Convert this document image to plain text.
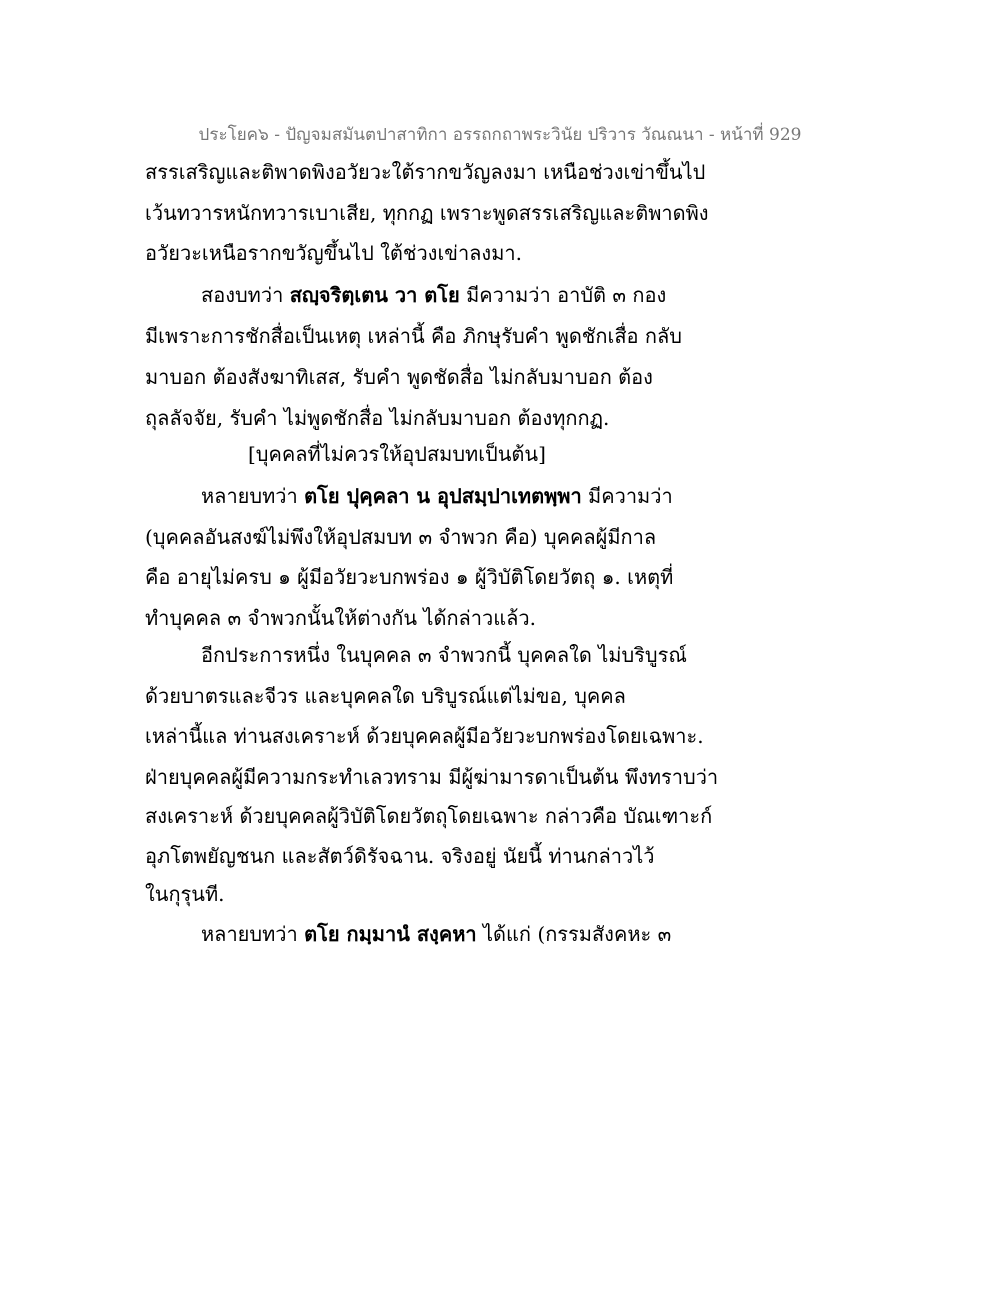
ประโยค๖ - ปัญจมสมันตปาสาทิกา อรรถกถาพระวินัย ปริวาร วัณณนา - หน้าที่ 929
สรรเสริญและติพาดพิงอวัยวะใต้รากขวัญลงมา เหนือช่วงเข่าขึ้นไป
เว้นทวารหนักทวารเบาเสีย, ทุกกฏ เพราะพูดสรรเสริญและติพาดพิง
อวัยวะเหนือรากขวัญขึ้นไป ใต้ช่วงเข่าลงมา.
สองบทว่า สญฺจริตฺเตน วา ตโย มีความว่า อาบัติ ๓ กอง
มีเพราะการชักสื่อเป็นเหตุ เหล่านี้ คือ ภิกษุรับคำ พูดชักเสื่อ กลับ
มาบอก ต้องสังฆาทิเสส, รับคำ พูดชัดสื่อ ไม่กลับมาบอก ต้อง
ถุลลัจจัย, รับคำ ไม่พูดชักสื่อ ไม่กลับมาบอก ต้องทุกกฏ.
[บุคคลที่ไม่ควรให้อุปสมบทเป็นต้น]
หลายบทว่า ตโย ปุคฺคลา น อุปสมฺปาเทตพฺพา มีความว่า
(บุคคลอันสงฆ์ไม่พึงให้อุปสมบท ๓ จำพวก คือ) บุคคลผู้มีกาล
คือ อายุไม่ครบ ๑ ผู้มีอวัยวะบกพร่อง ๑ ผู้วิบัติโดยวัตถุ ๑. เหตุที่
ทำบุคคล ๓ จำพวกนั้นให้ต่างกัน ได้กล่าวแล้ว.
อีกประการหนึ่ง ในบุคคล ๓ จำพวกนี้ บุคคลใด ไม่บริบูรณ์
ด้วยบาตรและจีวร และบุคคลใด บริบูรณ์แต่ไม่ขอ, บุคคล
เหล่านี้แล ท่านสงเคราะห์ ด้วยบุคคลผู้มีอวัยวะบกพร่องโดยเฉพาะ.
ฝ่ายบุคคลผู้มีความกระทำเลวทราม มีผู้ฆ่ามารดาเป็นต้น พึงทราบว่า
สงเคราะห์ ด้วยบุคคลผู้วิบัติโดยวัตถุโดยเฉพาะ กล่าวคือ บัณเฑาะก์
อุภโตพยัญชนก และสัตว์ดิรัจฉาน. จริงอยู่ นัยนี้ ท่านกล่าวไว้
ในกุรุนที.
หลายบทว่า ตโย กมฺมานํ สงฺคหา ได้แก่ (กรรมสังคหะ ๓
